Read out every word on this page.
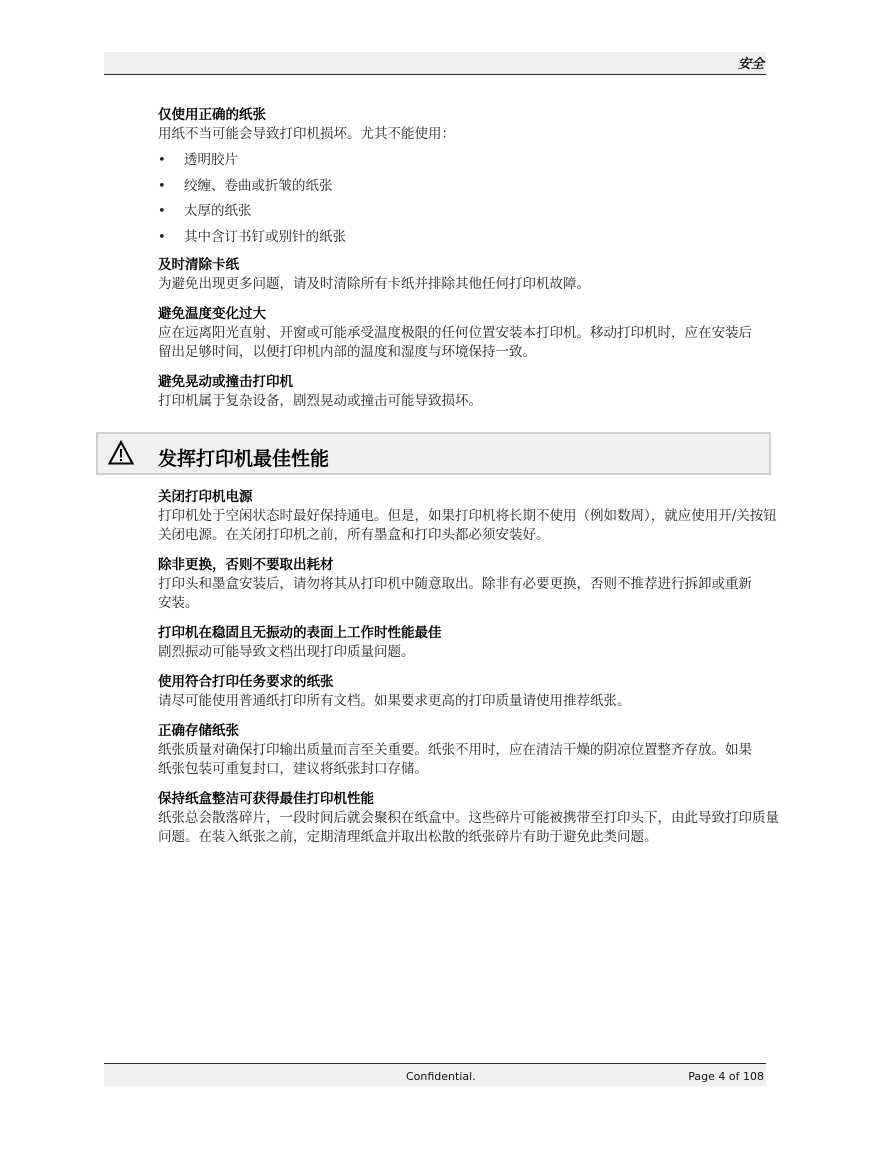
安全
仅使用正确的纸张
用纸不当可能会导致打印机损坏。尤其不能使用：
• 透明胶片
• 绞缠、卷曲或折皱的纸张
• 太厚的纸张
• 其中含订书钉或别针的纸张
及时清除卡纸
为避免出现更多问题，请及时清除所有卡纸并排除其他任何打印机故障。
避免温度变化过大
应在远离阳光直射、开窗或可能承受温度极限的任何位置安装本打印机。移动打印机时，应在安装后留出足够时间，以便打印机内部的温度和湿度与环境保持一致。
避免晃动或撞击打印机
打印机属于复杂设备，剧烈晃动或撞击可能导致损坏。
发挥打印机最佳性能
关闭打印机电源
打印机处于空闲状态时最好保持通电。但是，如果打印机将长期不使用（例如数周），就应使用开/关按钮关闭电源。在关闭打印机之前，所有墨盒和打印头都必须安装好。
除非更换，否则不要取出耗材
打印头和墨盒安装后，请勿将其从打印机中随意取出。除非有必要更换，否则不推荐进行拆卸或重新安装。
打印机在稳固且无振动的表面上工作时性能最佳
剧烈振动可能导致文档出现打印质量问题。
使用符合打印任务要求的纸张
请尽可能使用普通纸打印所有文档。如果要求更高的打印质量请使用推荐纸张。
正确存储纸张
纸张质量对确保打印输出质量而言至关重要。纸张不用时，应在清洁干燥的阴凉位置整齐存放。如果纸张包装可重复封口，建议将纸张封口存储。
保持纸盒整洁可获得最佳打印机性能
纸张总会散落碎片，一段时间后就会聚积在纸盒中。这些碎片可能被携带至打印头下，由此导致打印质量问题。在装入纸张之前，定期清理纸盒并取出松散的纸张碎片有助于避免此类问题。
Confidential.	Page 4 of 108
